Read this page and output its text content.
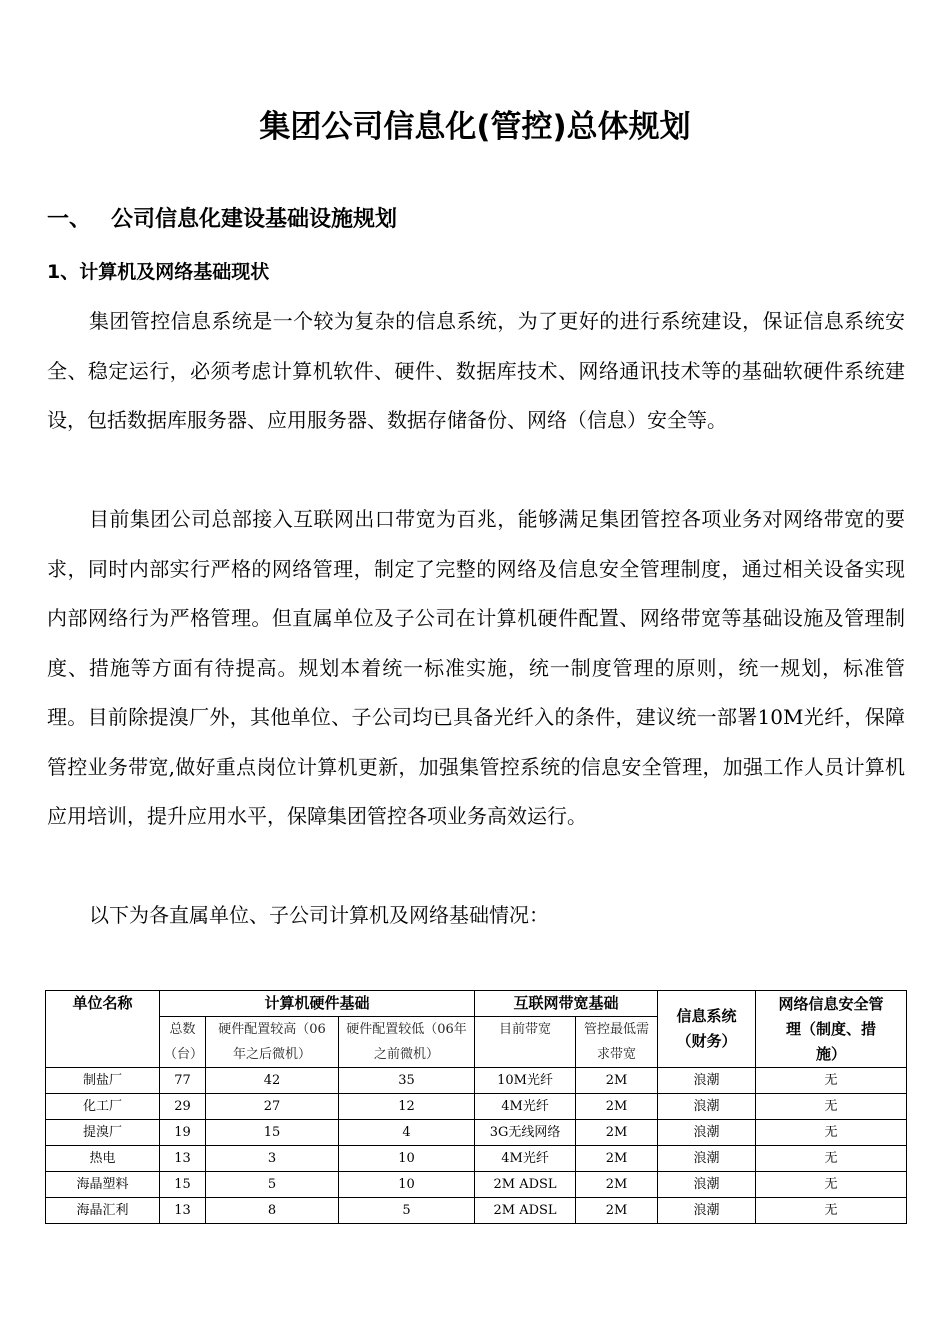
集团公司信息化(管控)总体规划
一、 公司信息化建设基础设施规划
1、计算机及网络基础现状

集团管控信息系统是一个较为复杂的信息系统，为了更好的进行系统建设，保证信息系统安全、稳定运行，必须考虑计算机软件、硬件、数据库技术、网络通讯技术等的基础软硬件系统建设，包括数据库服务器、应用服务器、数据存储备份、网络（信息）安全等。

目前集团公司总部接入互联网出口带宽为百兆，能够满足集团管控各项业务对网络带宽的要求，同时内部实行严格的网络管理，制定了完整的网络及信息安全管理制度，通过相关设备实现内部网络行为严格管理。但直属单位及子公司在计算机硬件配置、网络带宽等基础设施及管理制度、措施等方面有待提高。规划本着统一标准实施，统一制度管理的原则，统一规划，标准管理。目前除提溴厂外，其他单位、子公司均已具备光纤入的条件，建议统一部署10M光纤，保障管控业务带宽,做好重点岗位计算机更新，加强集管控系统的信息安全管理，加强工作人员计算机应用培训，提升应用水平，保障集团管控各项业务高效运行。

以下为各直属单位、子公司计算机及网络基础情况：

单位名称	计算机硬件基础			互联网带宽基础		信息系统（财务）	网络信息安全管理（制度、措施）
	总数（台）	硬件配置较高（06年之后微机）	硬件配置较低（06年之前微机）	目前带宽	管控最低需求带宽		
制盐厂	77	42	35	10M光纤	2M	浪潮	无
化工厂	29	27	12	4M光纤	2M	浪潮	无
提溴厂	19	15	4	3G无线网络	2M	浪潮	无
热电	13	3	10	4M光纤	2M	浪潮	无
海晶塑料	15	5	10	2M ADSL	2M	浪潮	无
海晶汇利	13	8	5	2M ADSL	2M	浪潮	无
